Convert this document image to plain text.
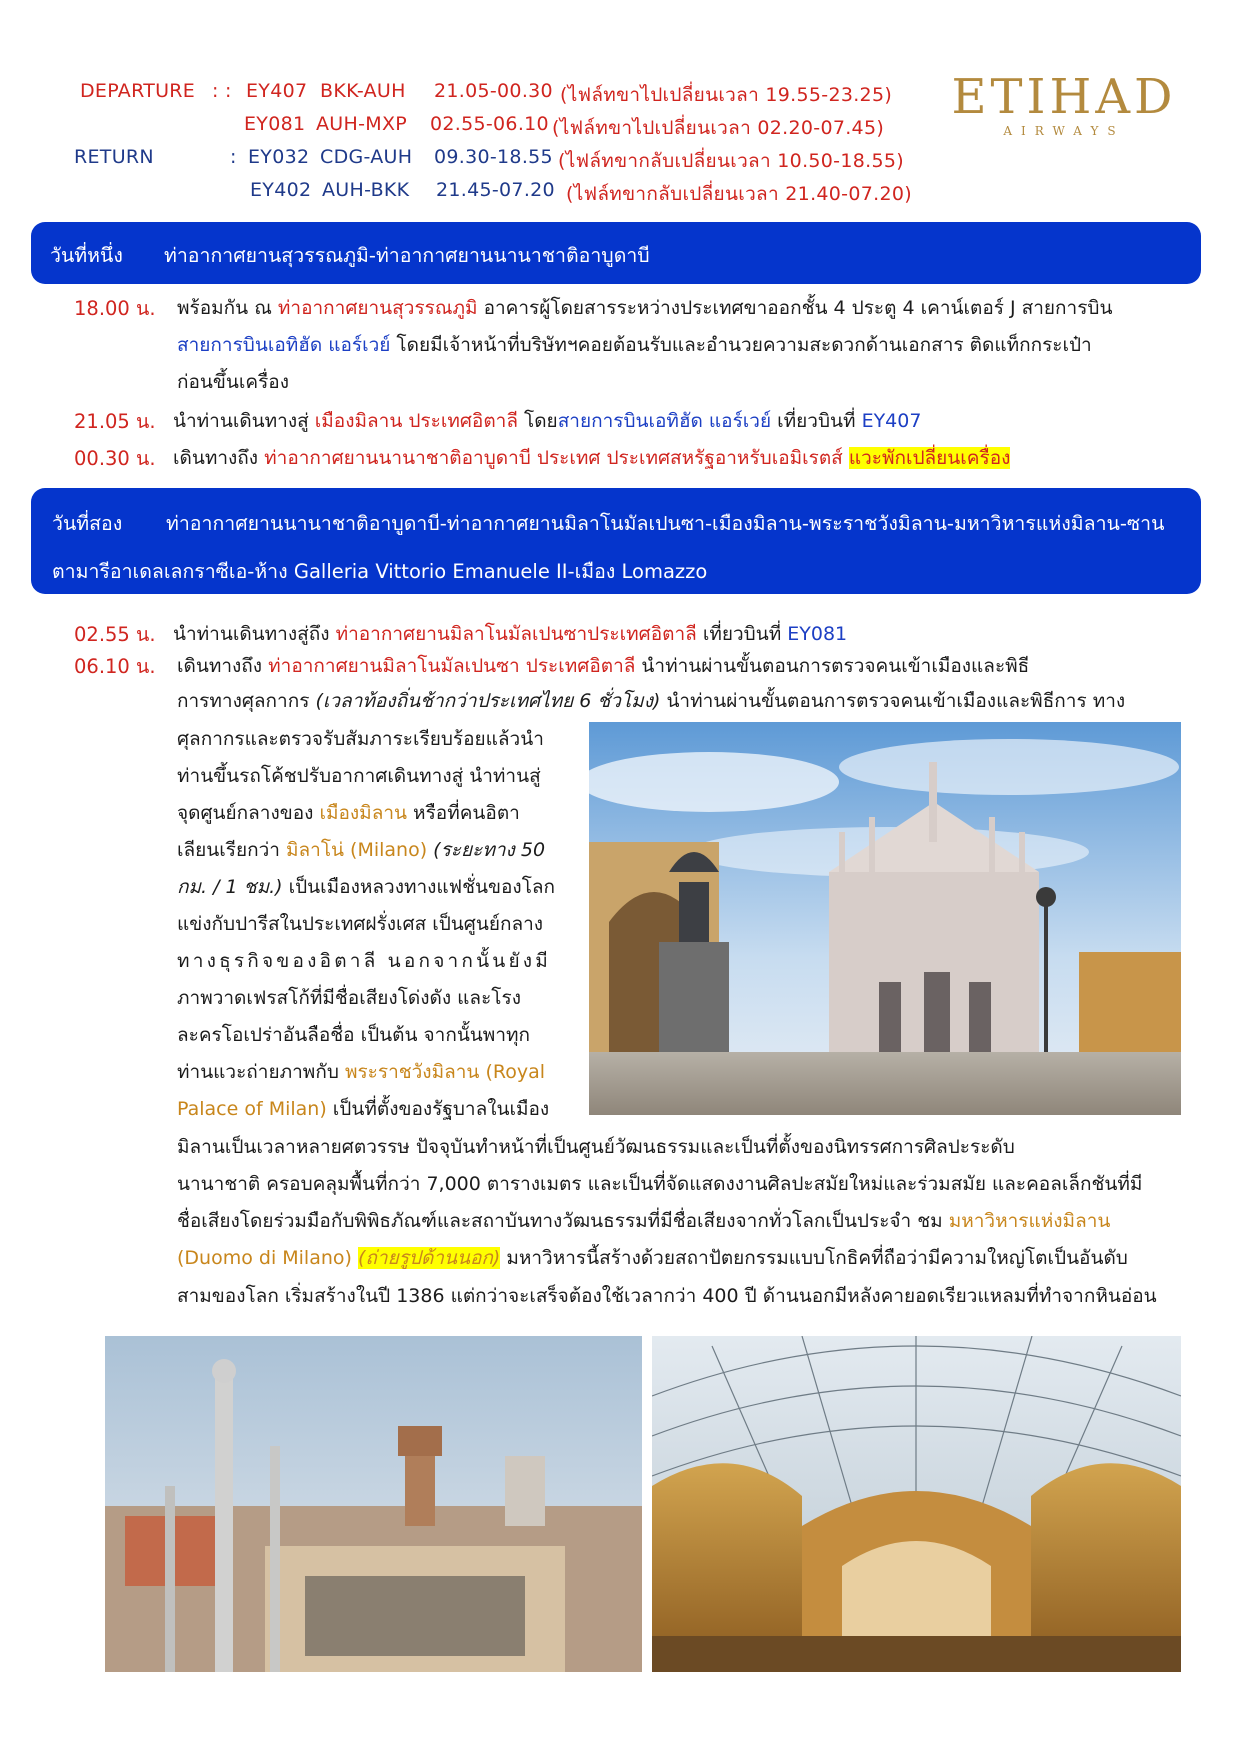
DEPARTURE : : EY407 BKK-AUH 21.05-00.30 (ไฟล์ทขาไปเปลี่ยนเวลา 19.55-23.25)
EY081 AUH-MXP 02.55-06.10 (ไฟล์ทขาไปเปลี่ยนเวลา 02.20-07.45)
RETURN	: EY032 CDG-AUH 09.30-18.55 (ไฟล์ทขากลับเปลี่ยนเวลา 10.50-18.55)
EY402 AUH-BKK 21.45-07.20 (ไฟล์ทขากลับเปลี่ยนเวลา 21.40-07.20)
ETIHAD
AIRWAYS
วันที่หนึ่ง ท่าอากาศยานสุวรรณภูมิ-ท่าอากาศยานนานาชาติอาบูดาบี
18.00 น. พร้อมกัน ณ ท่าอากาศยานสุวรรณภูมิ อาคารผู้โดยสารระหว่างประเทศขาออกชั้น 4 ประตู 4 เคาน์เตอร์ J สายการบิน
สายการบินเอทิฮัด แอร์เวย์ โดยมีเจ้าหน้าที่บริษัทฯคอยต้อนรับและอำนวยความสะดวกด้านเอกสาร ติดแท็กกระเป๋า
ก่อนขึ้นเครื่อง
21.05 น. นำท่านเดินทางสู่ เมืองมิลาน ประเทศอิตาลี โดยสายการบินเอทิฮัด แอร์เวย์ เที่ยวบินที่ EY407
00.30 น. เดินทางถึง ท่าอากาศยานนานาชาติอาบูดาบี ประเทศ ประเทศสหรัฐอาหรับเอมิเรตส์ แวะพักเปลี่ยนเครื่อง
วันที่สอง ท่าอากาศยานนานาชาติอาบูดาบี-ท่าอากาศยานมิลาโนมัลเปนซา-เมืองมิลาน-พระราชวังมิลาน-มหาวิหารแห่งมิลาน-ซาน
ตามารีอาเดลเลกราซีเอ-ห้าง Galleria Vittorio Emanuele II-เมือง Lomazzo
02.55 น. นำท่านเดินทางสู่ถึง ท่าอากาศยานมิลาโนมัลเปนซาประเทศอิตาลี เที่ยวบินที่ EY081
06.10 น. เดินทางถึง ท่าอากาศยานมิลาโนมัลเปนซา ประเทศอิตาลี นำท่านผ่านขั้นตอนการตรวจคนเข้าเมืองและพิธี
การทางศุลกากร (เวลาท้องถิ่นช้ากว่าประเทศไทย 6 ชั่วโมง) นำท่านผ่านขั้นตอนการตรวจคนเข้าเมืองและพิธีการ ทาง
ศุลกากรและตรวจรับสัมภาระเรียบร้อยแล้วนำ
ท่านขึ้นรถโค้ชปรับอากาศเดินทางสู่ นำท่านสู่
จุดศูนย์กลางของ เมืองมิลาน หรือที่คนอิตา
เลียนเรียกว่า มิลาโน่ (Milano) (ระยะทาง 50
กม. / 1 ชม.) เป็นเมืองหลวงทางแฟชั่นของโลก
แข่งกับปารีสในประเทศฝรั่งเศส เป็นศูนย์กลาง
ทางธุรกิจของอิตาลี นอกจากนั้นยังมี
ภาพวาดเฟรสโก้ที่มีชื่อเสียงโด่งดัง และโรง
ละครโอเปร่าอันลือชื่อ เป็นต้น จากนั้นพาทุก
ท่านแวะถ่ายภาพกับ พระราชวังมิลาน (Royal
Palace of Milan) เป็นที่ตั้งของรัฐบาลในเมือง
มิลานเป็นเวลาหลายศตวรรษ ปัจจุบันทำหน้าที่เป็นศูนย์วัฒนธรรมและเป็นที่ตั้งของนิทรรศการศิลปะระดับ
นานาชาติ ครอบคลุมพื้นที่กว่า 7,000 ตารางเมตร และเป็นที่จัดแสดงงานศิลปะสมัยใหม่และร่วมสมัย และคอลเล็กชันที่มี
ชื่อเสียงโดยร่วมมือกับพิพิธภัณฑ์และสถาบันทางวัฒนธรรมที่มีชื่อเสียงจากทั่วโลกเป็นประจำ ชม มหาวิหารแห่งมิลาน
(Duomo di Milano) (ถ่ายรูปด้านนอก) มหาวิหารนี้สร้างด้วยสถาปัตยกรรมแบบโกธิคที่ถือว่ามีความใหญ่โตเป็นอันดับ
สามของโลก เริ่มสร้างในปี 1386 แต่กว่าจะเสร็จต้องใช้เวลากว่า 400 ปี ด้านนอกมีหลังคายอดเรียวแหลมที่ทำจากหินอ่อน
